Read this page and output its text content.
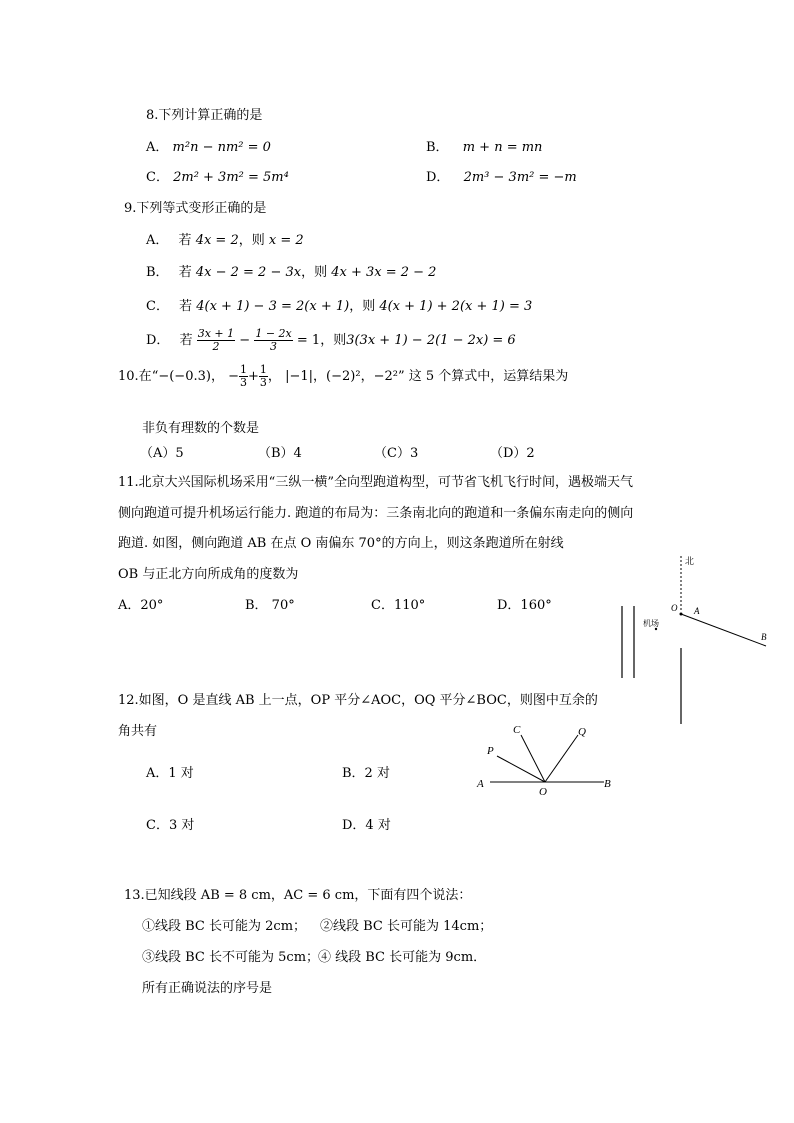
8.下列计算正确的是
A． m²n − nm² = 0	B． m + n = mn
C． 2m² + 3m² = 5m⁴	D． 2m³ − 3m² = −m
9.下列等式变形正确的是
A． 若 4x = 2，则 x = 2
B． 若 4x − 2 = 2 − 3x，则 4x + 3x = 2 − 2
C． 若 4(x + 1) − 3 = 2(x + 1)，则 4(x + 1) + 2(x + 1) = 3
D． 若 $\frac{3x + 1}{2} - \frac{1 - 2x}{3} = 1$，则3(3x + 1) − 2(1 − 2x) = 6
10.在“−(−0.3)， − $\frac{1}{3} + \frac{1}{3}$ ， |−1|，(−2)²，−2²” 这 5 个算式中，运算结果为
非负有理数的个数是
（A）5	（B）4	（C）3	（D）2
11.北京大兴国际机场采用“三纵一横”全向型跑道构型，可节省飞机飞行时间，遇极端天气
侧向跑道可提升机场运行能力. 跑道的布局为：三条南北向的跑道和一条偏东南走向的侧向
跑道. 如图，侧向跑道 AB 在点 O 南偏东 70°的方向上，则这条跑道所在射线
OB 与正北方向所成角的度数为
A．20°	B． 70°	C．110°	D．160°
北
机场
O A
B
12.如图，O 是直线 AB 上一点，OP 平分∠AOC，OQ 平分∠BOC，则图中互余的
角共有
A．1 对	B．2 对
C．3 对	D．4 对
A	B
O
P
C	Q
13.已知线段 AB = 8 cm，AC = 6 cm，下面有四个说法：
①线段 BC 长可能为 2cm； ②线段 BC 长可能为 14cm；
③线段 BC 长不可能为 5cm；
④ 线段 BC 长可能为 9cm．
所有正确说法的序号是
